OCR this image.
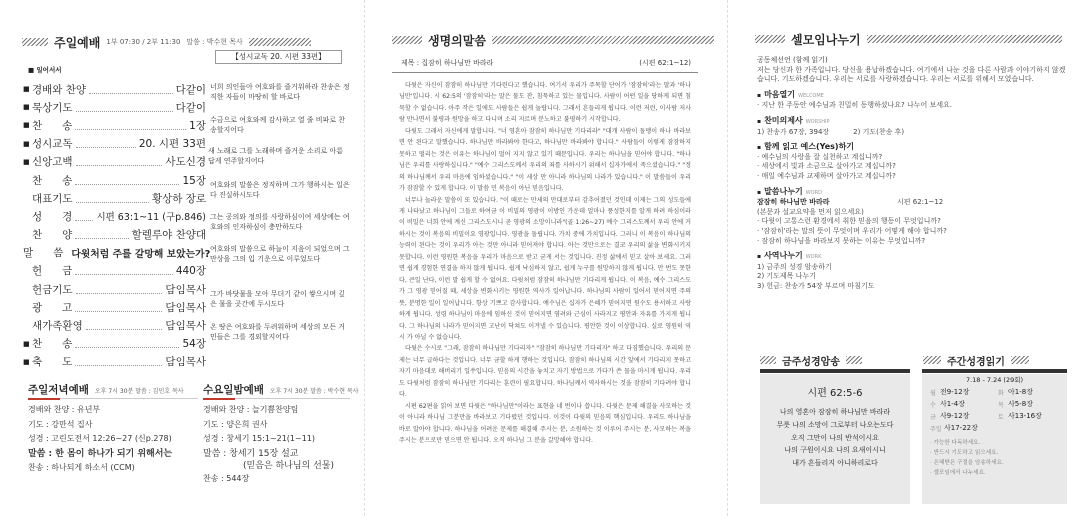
주일예배 1부 07:30 / 2부 11:30 말씀 : 박수현 목사
【성시교독 20. 시편 33편】
■ 일어서서
■ 경배와 찬양	다같이
■ 묵상기도	다같이
■ 찬      송	1장
■ 성시교독	20. 시편 33편
■ 신앙고백	사도신경
찬      송	15장
대표기도	황상하 장로
성      경	시편 63:1~11 (구p.846)
찬      양	할렐루야 찬양대
말      씀 다윗처럼 주를 갈망해 보았는가?
헌      금	440장
헌금기도	담임목사
광      고	담임목사
새가족환영	담임목사
■ 찬      송	54장
■ 축      도	담임목사
너희 의인들아 여호와를 즐거워하라 찬송은 정직한 자들이 마땅히 할 바로다
수금으로 여호와께 감사하고 열 줄 비파로 찬송할지어다
새 노래로 그를 노래하며 즐거운 소리로 아름답게 연주할지어다
여호와의 말씀은 정직하며 그가 행하시는 일은 다 진실하시도다
그는 공의와 정의를 사랑하심이여 세상에는 여호와의 인자하심이 충만하도다
여호와의 말씀으로 하늘이 지음이 되었으며 그 만상을 그의 입 기운으로 이루었도다
그가 바닷물을 모아 무더기 같이 쌓으시며 깊은 물을 곳간에 두시도다
온 땅은 여호와를 두려워하며 세상의 모든 거민들은 그를 경외할지어다
주일저녁예배 오후 7시 30분 말씀 : 김민호 목사
경배와 찬양 : 유년부
기도 : 강만석 집사
성경 : 고린도전서 12:26~27 (신p.278)
말씀 : 한 몸이 하나가 되기 위해서는
찬송 : 하나되게 하소서 (CCM)
수요일밤예배 오후 7시 30분 말씀 : 박수현 목사
경배와 찬양 : 늘기쁨찬양팀
기도 : 양은희 권사
성경 : 창세기 15:1~21(1~11)
말씀 : 창세기 15장 설교
(믿음은 하나님의 선물)
찬송 : 544장
생명의말씀
제목 : 집잠히 하나님만 바라라	(시편 62:1~12)

다윗은 자신이 잠잠히 하나님만 기다린다고 했습니다. 여기서 우리가 주목할 단어가 '잠잠히'라는 말과 '하나님만'입니다. 시 62:5의 '잠잠히'라는 말은 물도 잔, 침묵하고 있는 물입니다. 사람이 어떤 일을 당하게 되면 침묵할 수 없습니다. 아주 작은 일에도 사람들은 쉽게 놀랍니다. 그래서 흔들리게 됩니다. 이런 저런, 이사람 저사람 만나면서 불평과 원망을 하고 다니며 소리 지르며 분노하고 불평하기 시작합니다.

다윗도 그래서 자신에게 말합니다. "너 영혼아 잠잠히 하나님만 기다리라" "대개 사람이 돌멩이 하나 바라보면 안 된다고 말했습니다. 하나님만 바라봐야 한다고, 하나님만 바라봐야 합니다." 사람들이 이렇게 잠잠하지 못하고 떨리는 것은 이유는 하나님이 멀어 지지 않고 있기 때문입니다. 우리는 하나님을 믿어야 합니다. "하나님은 우리를 사랑하십니다." "예수 그리스도께서 우리의 죄를 사하시기 위해서 십자가에서 죽으셨습니다." "정의 하나님께서 우리 마음에 임하셨습니다." "이 세상 만 아니라 하나님의 나라가 있습니다." 이 말씀들이 우리가 잠잠할 수 있게 합니다. 이 말씀 민 복음이 아닌 믿음입니다.

너무나 놀라운 말씀이 또 있습니다. "이 때로는 만세의 만대로부터 감추어졌던 것인데 이제는 그의 성도들에게 나타났고 하나님이 그들로 하여금 이 비밀의 영광이 이방인 가운데 얼마나 풍성한지를 알게 하려 하심이라 이 비밀은 너희 안에 계신 그리스도시니 곧 영광의 소망이니라"(골 1:26~27) 예수 그리스도께서 우리 안에 거하시는 것이 복음의 비밀이요 영광입니다. 영광을 돌립니다. 가치 중에 가치입니다. 그러니 이 복음이 하나님의 능력이 된다는 것이 우리가 아는 것만 아니라 믿어져야 합니다. 아는 것만으로는 결코 우리의 삶을 변화시키지 못합니다. 이런 영원한 복음을 우리가 마음으로 받고 굳게 서는 것입니다. 진정 삶에서 믿고 살아 보세요. 그러면 쉽게 경험한 연결을 하지 않게 됩니다. 쉽게 낙심하지 않고, 쉽게 누구를 원망하지 않게 됩니다. 만 번도 못한다, 큰일 난다, 이런 말 쉽게 할 수 없어요. 다윗처럼 잠잠히 하나님만 기다리게 됩니다. 이 복음, 예수 그리스도가 그 영광 믿어질 때, 세상을 변화시키는 영원한 역사가 일어납니다. 하나님의 사람이 일어서 믿어지면 주의 뜻, 분명한 일이 일어납니다. 항상 기쁘고 감사합니다. 예수님은 십자가 은혜가 믿어지면 원수도 용서하고 사랑하게 됩니다. 성령 하나님이 마음에 임하신 것이 믿어지면 염려와 근심이 사라지고 평안과 자유를 가지게 됩니다. 그 하나님의 나라가 믿어지면 고난이 닥쳐도 이겨낼 수 있습니다. 평안한 것이 이상합니다. 실로 영원히 역시 가 아닐 수 없습니다.

다윗은 수시로 "그래, 잠잠히 하나님만 기다리자" "잠잠히 하나님만 기다리자" 하고 다짐했습니다. 우리의 문제는 너무 급하다는 것입니다. 너무 금할 하게 행하는 것입니다. 잠잠히 하나님의 시간 앞에서 기다리지 못하고 자기 마음대로 해버리기 일쑤입니다. 믿음의 시간을 놓치고 자기 방법으로 가다가 쓴 물을 마시게 됩니다. 우리도 다윗처럼 잠잠히 하나님만 기다리는 훈련이 필요합니다. 하나님께서 역사하시는 것을 잠잠히 기다려야 합니다.

시편 62편을 읽어 보면 다윗은 "하나님만"이라는 표현을 네 번이나 씁니다. 다윗은 문제 해결을 사모하는 것이 아니라 하나님 그분만을 바라보고 기다렸던 것입니다. 이것이 다윗의 믿음의 핵심입니다. 우리도 하나님을 바로 알아야 합니다. 하나님을 어려운 문제를 해결해 주시는 분, 소원하는 것 이루어 주시는 분, 사모하는 복을 주시는 분으로만 믿으면 안 됩니다. 오직 하나님 그 분을 갈망해야 합니다.

셀모임나누기
공동체선언 (함께 읽기)
저는 당신과 한 가족입니다. 당신을 용납하겠습니다. 여기에서 나눈 것을 다른 사람과 이야기하지 않겠습니다. 기도하겠습니다. 우리는 서로를 사랑하겠습니다. 우리는 서로를 위해서 모였습니다.
▪ 마음열기 WELCOME
· 지난 한 주동안 예수님과 친밀히 동행하셨나요? 나누어 보세요.
▪ 찬미의제사 WORSHIP
1) 찬송가 67장, 394장	2) 기도(찬송 후)
▪ 함께 읽고 예스(Yes)하기
· 예수님의 사랑을 잘 실천하고 계십니까?
· 세상에서 빛과 소금으로 살아가고 계십니까?
· 매일 예수님과 교제하며 살아가고 계십니까?
▪ 말씀나누기 WORD
잠잠히 하나님만 바라라	시편 62:1~12
(본문과 설교요약을 먼저 읽으세요)
· 다윗이 고통스런 환경에서 취한 믿음의 행동이 무엇입니까?
· '잠잠히'라는 말의 뜻이 무엇이며 우리가 어떻게 해야 합니까?
· 잠잠히 하나님을 바라보지 못하는 이유는 무엇입니까?
▪ 사역나누기 WORK
1) 금주의 성경 암송하기
2) 기도제목 나누기
3) 헌금: 찬송가 54장 부르며 마침기도
금주성경암송
시편 62:5-6
나의 영혼아 잠잠히 하나님만 바라라
무릇 나의 소망이 그로부터 나오는도다
오직 그만이 나의 반석이시요
나의 구원이시요 나의 요새이시니
내가 흔들리지 아니하리로다
주간성경읽기
7.18 - 7.24 (29회)
월 전9-12장	화 아1-8장
수 사1-4장	목 사5-8장
금 사9-12장	토 사13-16장
주일 사17-22장
· 가능한 다독하세요.
· 반드시 기도하고 읽으세요.
· 은혜받은 구절을 암송하세요.
· 셀모임에서 나누세요.
